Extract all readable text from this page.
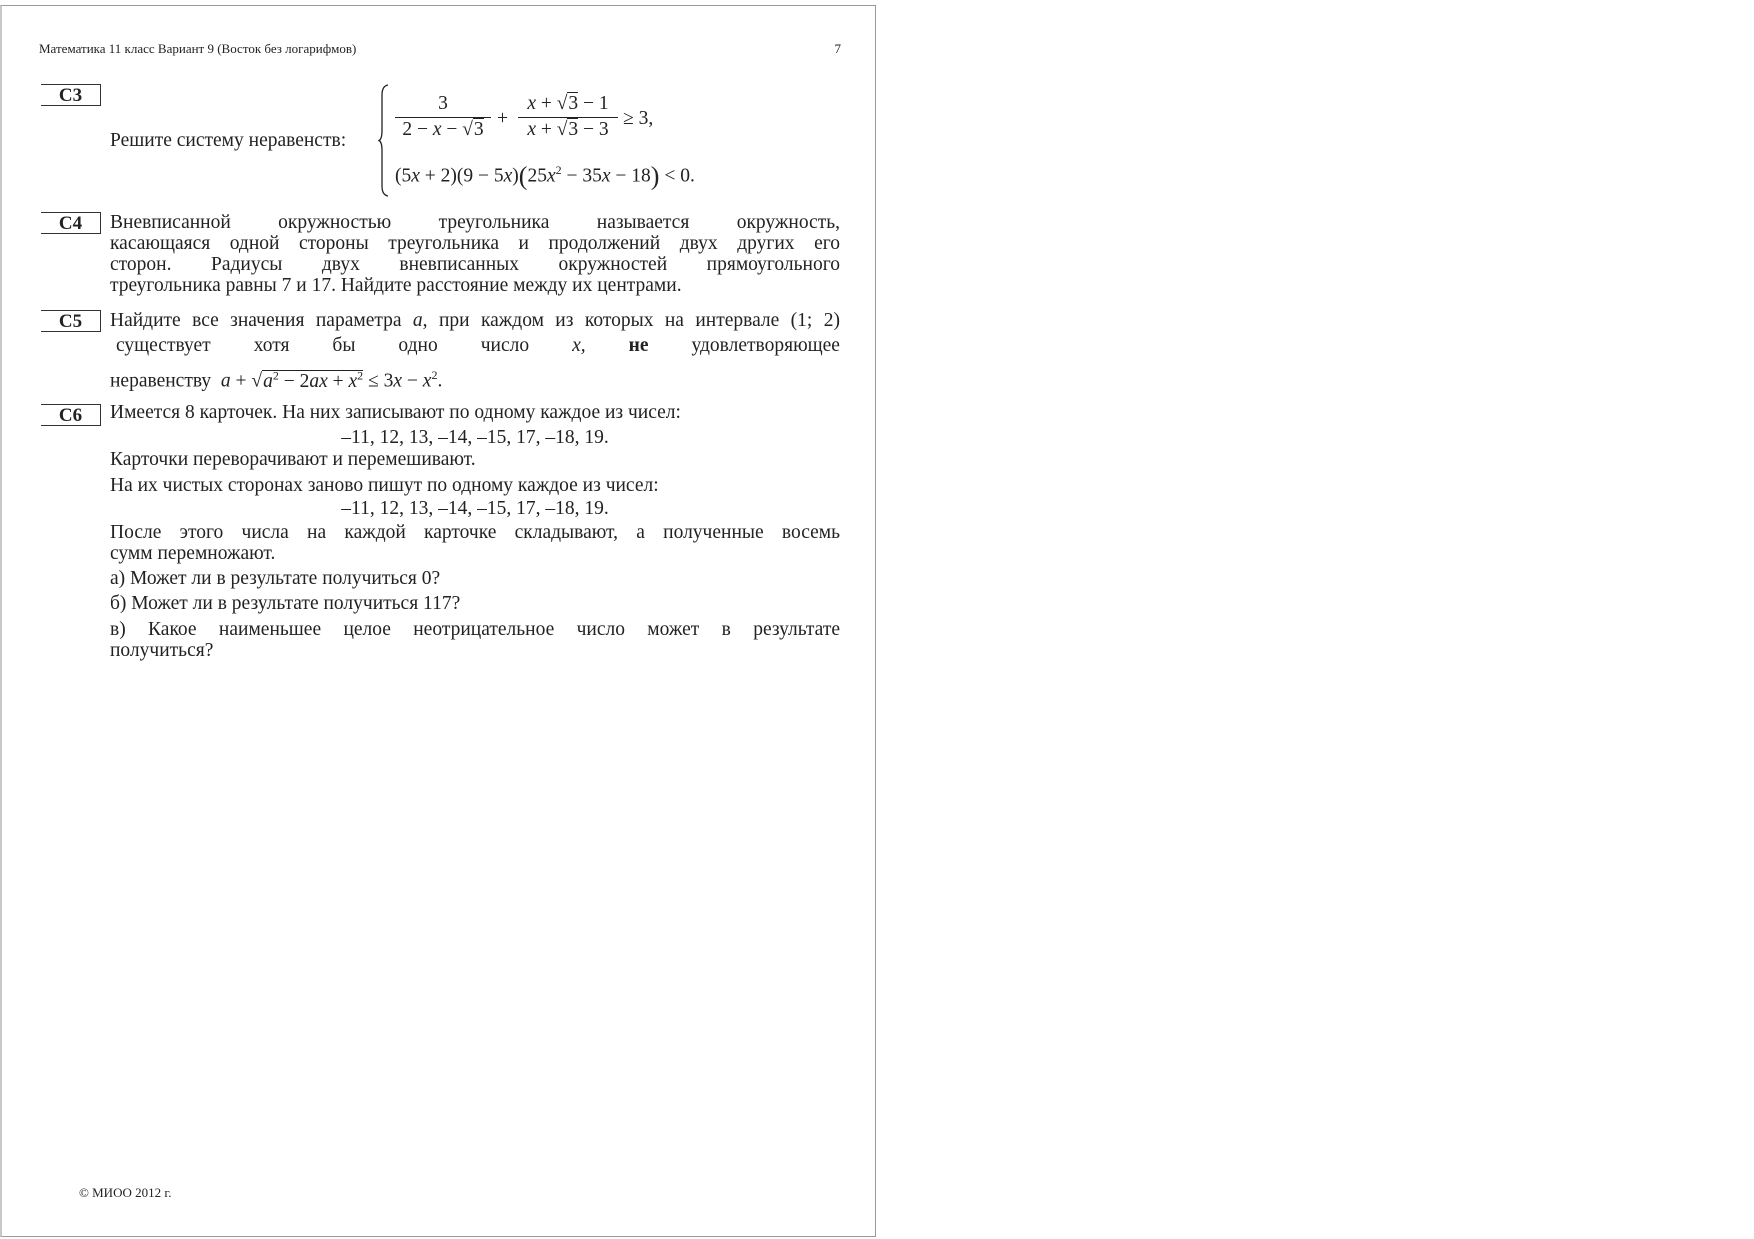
Математика 11 класс Вариант 9 (Восток без логарифмов)	7
С3
Решите систему неравенств:
3
2 − x − √3
+
x + √3 − 1
x + √3 − 3
≥ 3,
$(5x + 2)(9 - 5x)(25x^2 - 35x - 18) < 0$.
С4	Вневписанной окружностью треугольника называется окружность,
касающаяся одной стороны треугольника и продолжений двух других его
сторон. Радиусы двух вневписанных окружностей прямоугольного
треугольника равны 7 и 17. Найдите расстояние между их центрами.
С5	Найдите все значения параметра a, при каждом из которых на интервале (1; 2)
существует хотя бы одно число x, не удовлетворяющее
неравенству $a + √a^2 - 2ax + x^2 \le 3x - x^2$.
С6	Имеется 8 карточек. На них записывают по одному каждое из чисел:
–11, 12, 13, –14, –15, 17, –18, 19.
Карточки переворачивают и перемешивают.
На их чистых сторонах заново пишут по одному каждое из чисел:
–11, 12, 13, –14, –15, 17, –18, 19.
После этого числа на каждой карточке складывают, а полученные восемь
сумм перемножают.
а) Может ли в результате получиться 0?
б) Может ли в результате получиться 117?
в) Какое наименьшее целое неотрицательное число может в результате
получиться?
© МИОО 2012 г.
